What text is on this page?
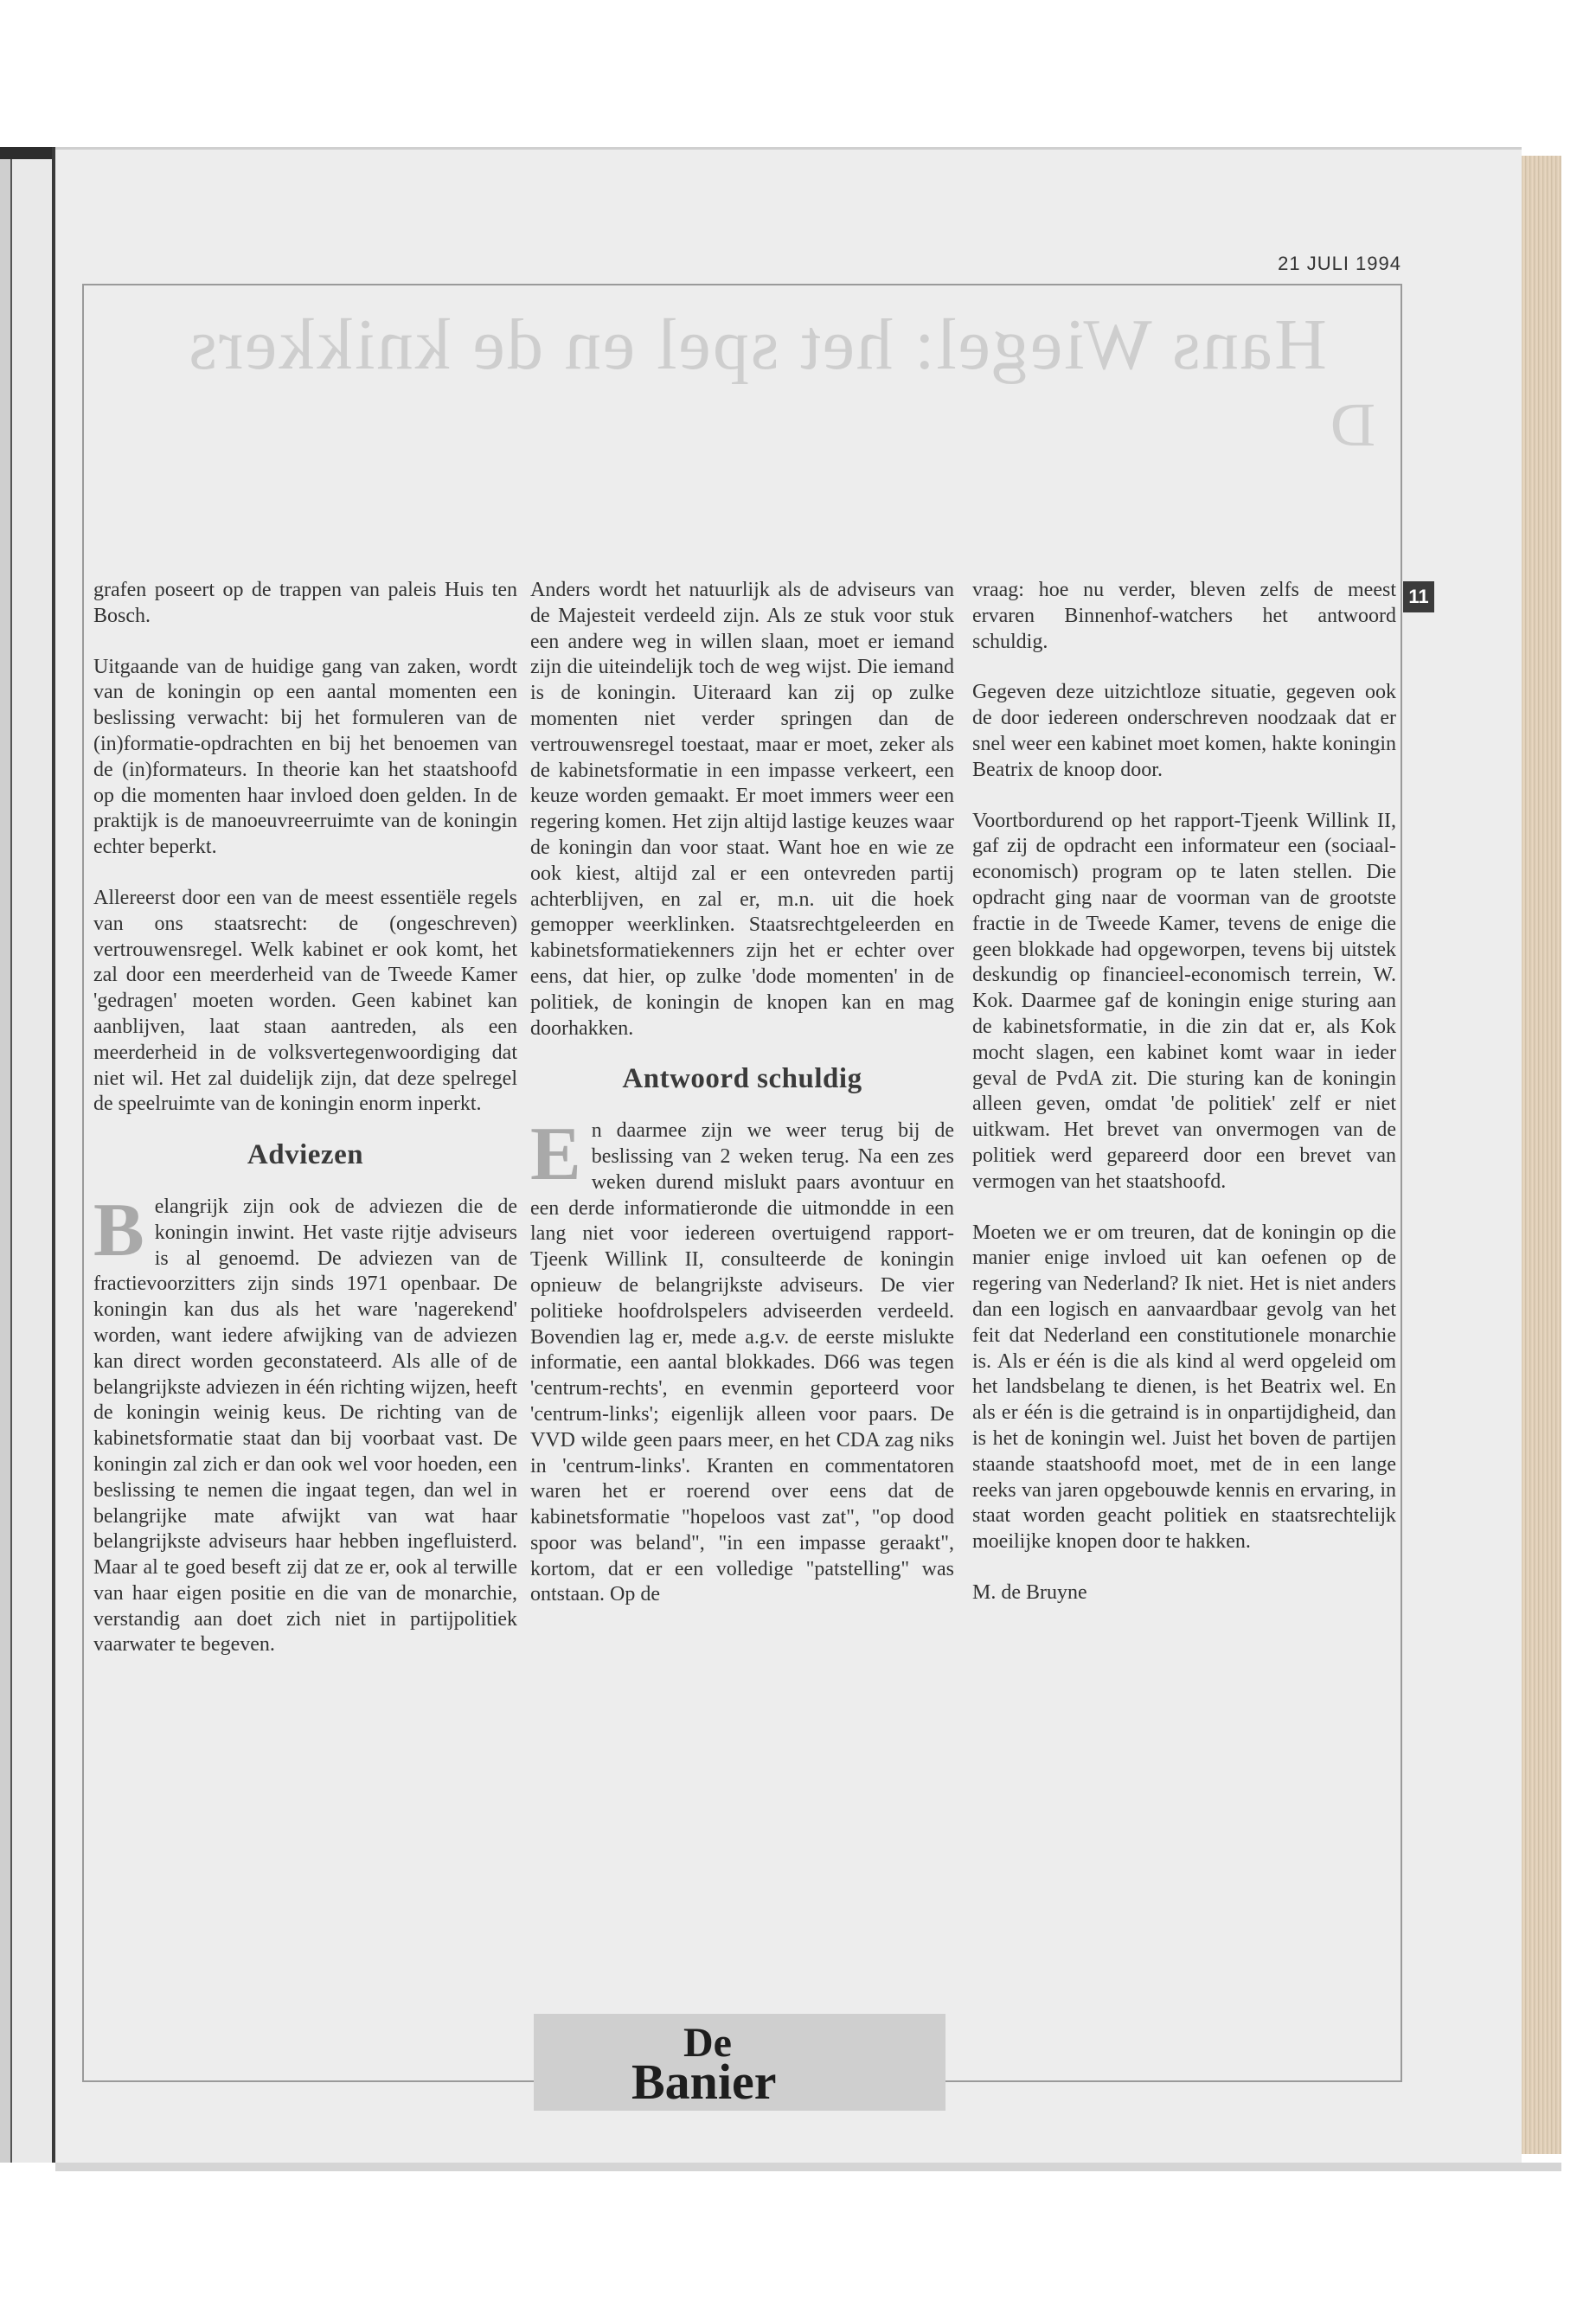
21 JULI 1994
Hans Wiegel: het spel en de knikkers
D
11

grafen poseert op de trappen van paleis Huis ten Bosch.

Uitgaande van de huidige gang van zaken, wordt van de koningin op een aantal momenten een beslissing verwacht: bij het formuleren van de (in)formatie-opdrachten en bij het benoemen van de (in)formateurs. In theorie kan het staatshoofd op die momenten haar invloed doen gelden. In de praktijk is de manoeuvreerruimte van de koningin echter beperkt.

Allereerst door een van de meest essentiële regels van ons staatsrecht: de (ongeschreven) vertrouwensregel. Welk kabinet er ook komt, het zal door een meerderheid van de Tweede Kamer 'gedragen' moeten worden. Geen kabinet kan aanblijven, laat staan aantreden, als een meerderheid in de volksvertegenwoordiging dat niet wil. Het zal duidelijk zijn, dat deze spelregel de speelruimte van de koningin enorm inperkt.

Adviezen

Belangrijk zijn ook de adviezen die de koningin inwint. Het vaste rijtje adviseurs is al genoemd. De adviezen van de fractievoorzitters zijn sinds 1971 openbaar. De koningin kan dus als het ware 'nagerekend' worden, want iedere afwijking van de adviezen kan direct worden geconstateerd. Als alle of de belangrijkste adviezen in één richting wijzen, heeft de koningin weinig keus. De richting van de kabinetsformatie staat dan bij voorbaat vast. De koningin zal zich er dan ook wel voor hoeden, een beslissing te nemen die ingaat tegen, dan wel in belangrijke mate afwijkt van wat haar belangrijkste adviseurs haar hebben ingefluisterd. Maar al te goed beseft zij dat ze er, ook al terwille van haar eigen positie en die van de monarchie, verstandig aan doet zich niet in partijpolitiek vaarwater te begeven.

Anders wordt het natuurlijk als de adviseurs van de Majesteit verdeeld zijn. Als ze stuk voor stuk een andere weg in willen slaan, moet er iemand zijn die uiteindelijk toch de weg wijst. Die iemand is de koningin. Uiteraard kan zij op zulke momenten niet verder springen dan de vertrouwensregel toestaat, maar er moet, zeker als de kabinetsformatie in een impasse verkeert, een keuze worden gemaakt. Er moet immers weer een regering komen. Het zijn altijd lastige keuzes waar de koningin dan voor staat. Want hoe en wie ze ook kiest, altijd zal er een ontevreden partij achterblijven, en zal er, m.n. uit die hoek gemopper weerklinken. Staatsrechtgeleerden en kabinetsformatiekenners zijn het er echter over eens, dat hier, op zulke 'dode momenten' in de politiek, de koningin de knopen kan en mag doorhakken.

Antwoord schuldig

En daarmee zijn we weer terug bij de beslissing van 2 weken terug. Na een zes weken durend mislukt paars avontuur en een derde informatieronde die uitmondde in een lang niet voor iedereen overtuigend rapport-Tjeenk Willink II, consulteerde de koningin opnieuw de belangrijkste adviseurs. De vier politieke hoofdrolspelers adviseerden verdeeld. Bovendien lag er, mede a.g.v. de eerste mislukte informatie, een aantal blokkades. D66 was tegen 'centrum-rechts', en evenmin geporteerd voor 'centrum-links'; eigenlijk alleen voor paars. De VVD wilde geen paars meer, en het CDA zag niks in 'centrum-links'. Kranten en commentatoren waren het er roerend over eens dat de kabinetsformatie "hopeloos vast zat", "op dood spoor was beland", "in een impasse geraakt", kortom, dat er een volledige "patstelling" was ontstaan. Op de

vraag: hoe nu verder, bleven zelfs de meest ervaren Binnenhof-watchers het antwoord schuldig.

Gegeven deze uitzichtloze situatie, gegeven ook de door iedereen onderschreven noodzaak dat er snel weer een kabinet moet komen, hakte koningin Beatrix de knoop door.

Voortbordurend op het rapport-Tjeenk Willink II, gaf zij de opdracht een informateur een (sociaal-economisch) program op te laten stellen. Die opdracht ging naar de voorman van de grootste fractie in de Tweede Kamer, tevens de enige die geen blokkade had opgeworpen, tevens bij uitstek deskundig op financieel-economisch terrein, W. Kok. Daarmee gaf de koningin enige sturing aan de kabinetsformatie, in die zin dat er, als Kok mocht slagen, een kabinet komt waar in ieder geval de PvdA zit. Die sturing kan de koningin alleen geven, omdat 'de politiek' zelf er niet uitkwam. Het brevet van onvermogen van de politiek werd gepareerd door een brevet van vermogen van het staatshoofd.

Moeten we er om treuren, dat de koningin op die manier enige invloed uit kan oefenen op de regering van Nederland? Ik niet. Het is niet anders dan een logisch en aanvaardbaar gevolg van het feit dat Nederland een constitutionele monarchie is. Als er één is die als kind al werd opgeleid om het landsbelang te dienen, is het Beatrix wel. En als er één is die getraind is in onpartijdigheid, dan is het de koningin wel. Juist het boven de partijen staande staatshoofd moet, met de in een lange reeks van jaren opgebouwde kennis en ervaring, in staat worden geacht politiek en staatsrechtelijk moeilijke knopen door te hakken.

M. de Bruyne

De
Banier
